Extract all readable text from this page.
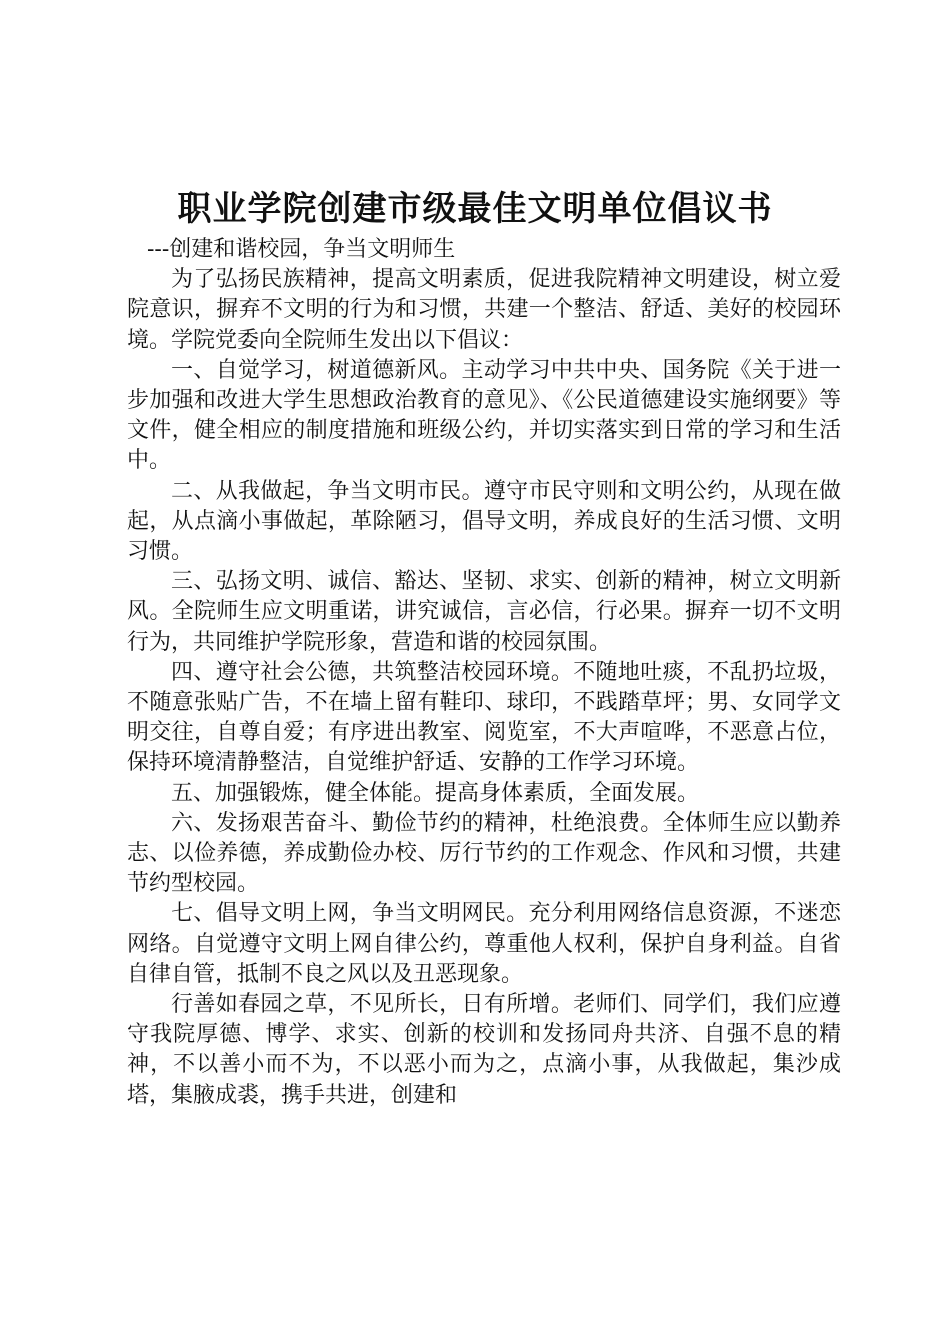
职业学院创建市级最佳文明单位倡议书

---创建和谐校园，争当文明师生

为了弘扬民族精神，提高文明素质，促进我院精神文明建设，树立爱院意识，摒弃不文明的行为和习惯，共建一个整洁、舒适、美好的校园环境。学院党委向全院师生发出以下倡议：

一、自觉学习，树道德新风。主动学习中共中央、国务院《关于进一步加强和改进大学生思想政治教育的意见》、《公民道德建设实施纲要》等文件，健全相应的制度措施和班级公约，并切实落实到日常的学习和生活中。

二、从我做起，争当文明市民。遵守市民守则和文明公约，从现在做起，从点滴小事做起，革除陋习，倡导文明，养成良好的生活习惯、文明习惯。

三、弘扬文明、诚信、豁达、坚韧、求实、创新的精神，树立文明新风。全院师生应文明重诺，讲究诚信，言必信，行必果。摒弃一切不文明行为，共同维护学院形象，营造和谐的校园氛围。

四、遵守社会公德，共筑整洁校园环境。不随地吐痰，不乱扔垃圾，不随意张贴广告，不在墙上留有鞋印、球印，不践踏草坪；男、女同学文明交往，自尊自爱；有序进出教室、阅览室，不大声喧哗，不恶意占位，保持环境清静整洁，自觉维护舒适、安静的工作学习环境。

五、加强锻炼，健全体能。提高身体素质，全面发展。

六、发扬艰苦奋斗、勤俭节约的精神，杜绝浪费。全体师生应以勤养志、以俭养德，养成勤俭办校、厉行节约的工作观念、作风和习惯，共建节约型校园。

七、倡导文明上网，争当文明网民。充分利用网络信息资源，不迷恋网络。自觉遵守文明上网自律公约，尊重他人权利，保护自身利益。自省自律自管，抵制不良之风以及丑恶现象。

行善如春园之草，不见所长，日有所增。老师们、同学们，我们应遵守我院厚德、博学、求实、创新的校训和发扬同舟共济、自强不息的精神，不以善小而不为，不以恶小而为之，点滴小事，从我做起，集沙成塔，集腋成裘，携手共进，创建和
